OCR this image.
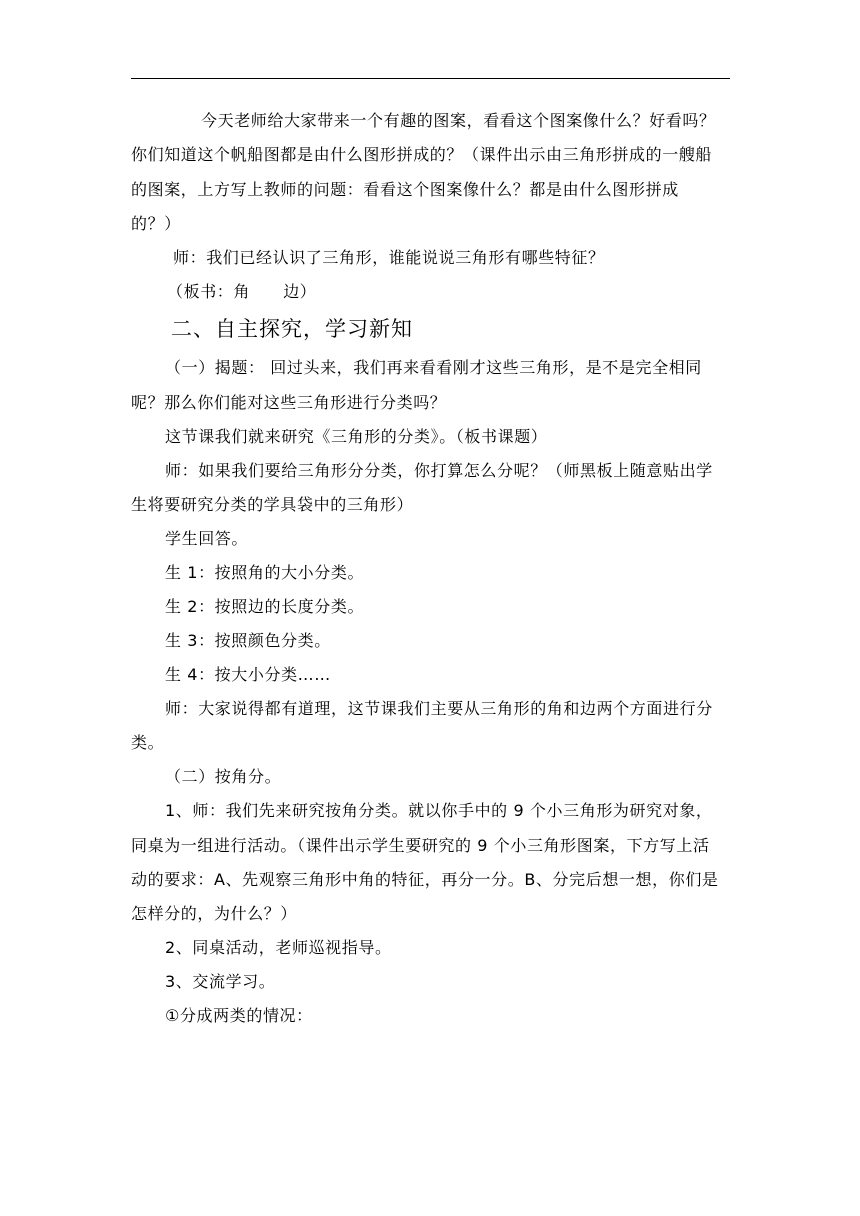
今天老师给大家带来一个有趣的图案，看看这个图案像什么？好看吗？
你们知道这个帆船图都是由什么图形拼成的？（课件出示由三角形拼成的一艘船
的图案，上方写上教师的问题：看看这个图案像什么？都是由什么图形拼成
的？）
师：我们已经认识了三角形，谁能说说三角形有哪些特征？
（板书：角　　边）
二、自主探究，学习新知
（一）揭题： 回过头来，我们再来看看刚才这些三角形，是不是完全相同
呢？那么你们能对这些三角形进行分类吗？
这节课我们就来研究《三角形的分类》。（板书课题）
师：如果我们要给三角形分分类，你打算怎么分呢？（师黑板上随意贴出学
生将要研究分类的学具袋中的三角形）
学生回答。
生 1：按照角的大小分类。
生 2：按照边的长度分类。
生 3：按照颜色分类。
生 4：按大小分类……
师：大家说得都有道理，这节课我们主要从三角形的角和边两个方面进行分
类。
（二）按角分。
1、师：我们先来研究按角分类。就以你手中的 9 个小三角形为研究对象，
同桌为一组进行活动。（课件出示学生要研究的 9 个小三角形图案，下方写上活
动的要求：A、先观察三角形中角的特征，再分一分。B、分完后想一想，你们是
怎样分的，为什么？）
2、同桌活动，老师巡视指导。
3、交流学习。
①分成两类的情况：
